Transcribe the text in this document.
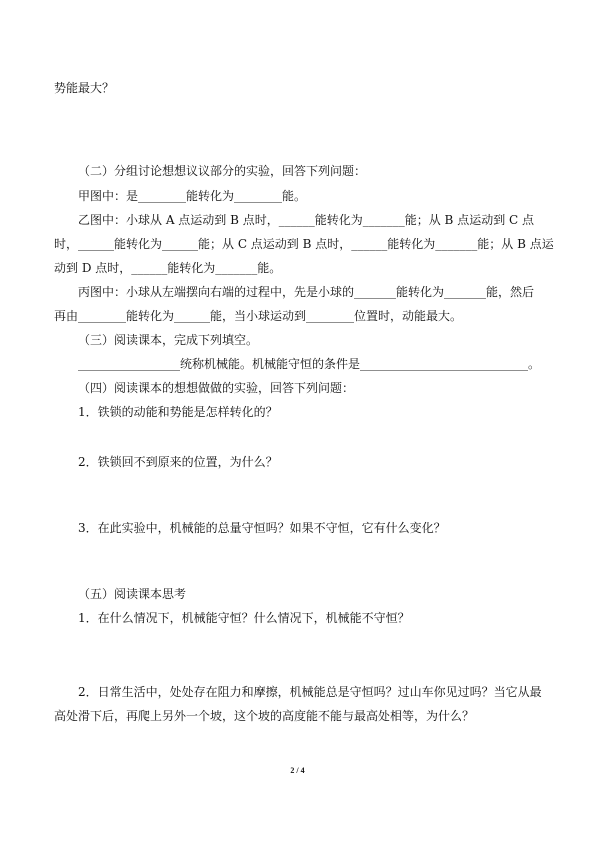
势能最大？
（二）分组讨论想想议议部分的实验，回答下列问题：
甲图中：是________能转化为________能。
乙图中：小球从 A 点运动到 B 点时，______能转化为_______能；从 B 点运动到 C 点
时，______能转化为______能；从 C 点运动到 B 点时，______能转化为_______能；从 B 点运
动到 D 点时，______能转化为_______能。
丙图中：小球从左端摆向右端的过程中，先是小球的_______能转化为_______能，然后
再由________能转化为______能，当小球运动到________位置时，动能最大。
（三）阅读课本，完成下列填空。
_________________统称机械能。机械能守恒的条件是____________________________。
（四）阅读课本的想想做做的实验，回答下列问题：
1．铁锁的动能和势能是怎样转化的？
2．铁锁回不到原来的位置，为什么？
3．在此实验中，机械能的总量守恒吗？如果不守恒，它有什么变化？
（五）阅读课本思考
1．在什么情况下，机械能守恒？什么情况下，机械能不守恒？
2．日常生活中，处处存在阻力和摩擦，机械能总是守恒吗？过山车你见过吗？当它从最
高处滑下后，再爬上另外一个坡，这个坡的高度能不能与最高处相等，为什么？
2 / 4
